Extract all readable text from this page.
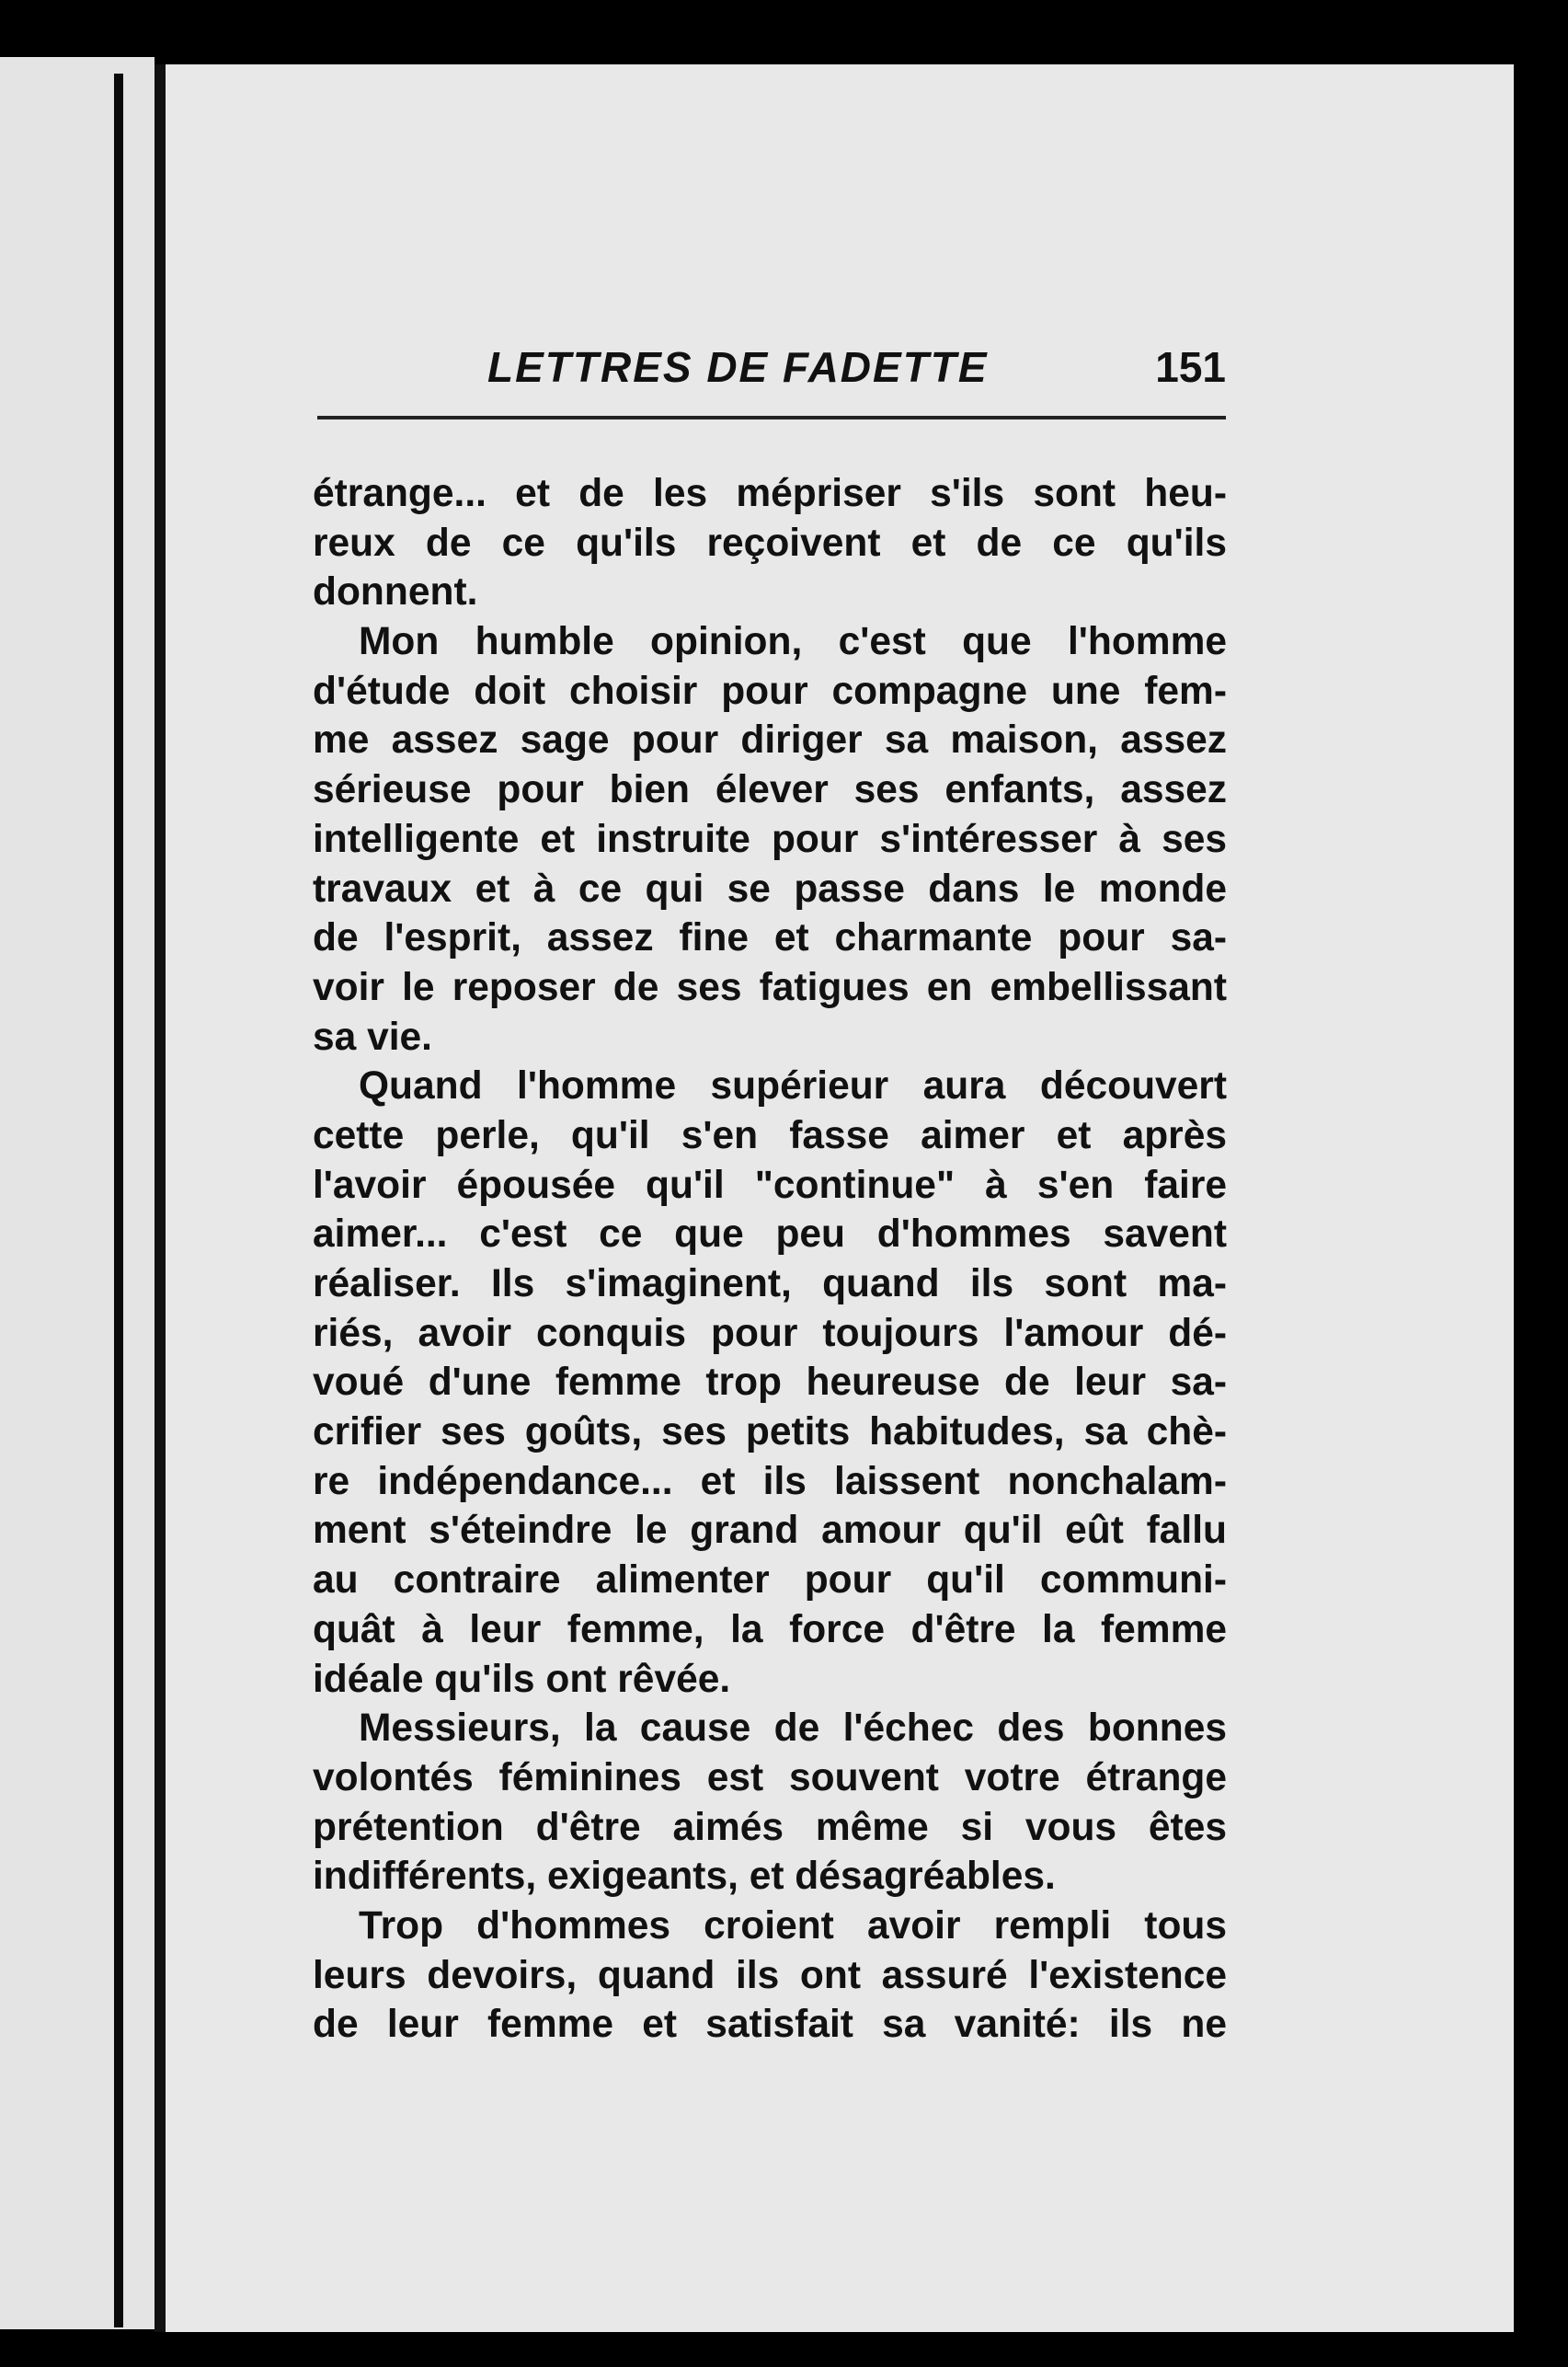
LETTRES DE FADETTE	151
étrange... et de les mépriser s'ils sont heu-
reux de ce qu'ils reçoivent et de ce qu'ils
donnent.
Mon humble opinion, c'est que l'homme
d'étude doit choisir pour compagne une fem-
me assez sage pour diriger sa maison, assez
sérieuse pour bien élever ses enfants, assez
intelligente et instruite pour s'intéresser à ses
travaux et à ce qui se passe dans le monde
de l'esprit, assez fine et charmante pour sa-
voir le reposer de ses fatigues en embellissant
sa vie.
Quand l'homme supérieur aura découvert
cette perle, qu'il s'en fasse aimer et après
l'avoir épousée qu'il "continue" à s'en faire
aimer... c'est ce que peu d'hommes savent
réaliser. Ils s'imaginent, quand ils sont ma-
riés, avoir conquis pour toujours l'amour dé-
voué d'une femme trop heureuse de leur sa-
crifier ses goûts, ses petits habitudes, sa chè-
re indépendance... et ils laissent nonchalam-
ment s'éteindre le grand amour qu'il eût fallu
au contraire alimenter pour qu'il communi-
quât à leur femme, la force d'être la femme
idéale qu'ils ont rêvée.
Messieurs, la cause de l'échec des bonnes
volontés féminines est souvent votre étrange
prétention d'être aimés même si vous êtes
indifférents, exigeants, et désagréables.
Trop d'hommes croient avoir rempli tous
leurs devoirs, quand ils ont assuré l'existence
de leur femme et satisfait sa vanité: ils ne
